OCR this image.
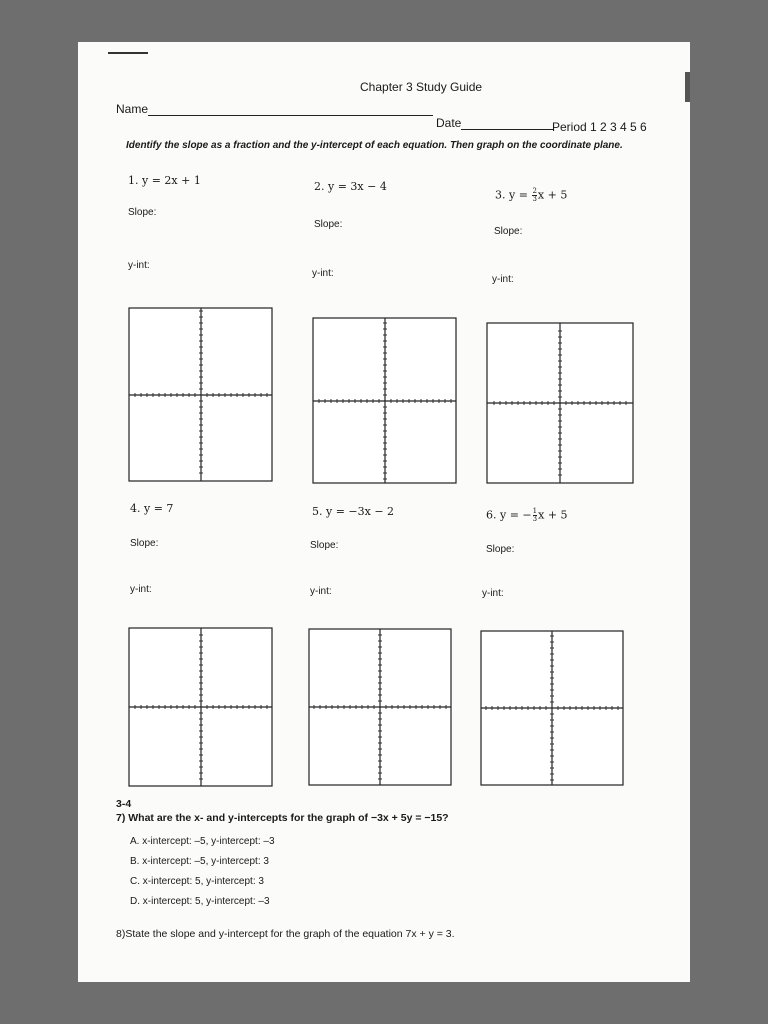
Chapter 3 Study Guide
Name
Date	Period 1 2 3 4 5 6
Identify the slope as a fraction and the y-intercept of each equation. Then graph on the coordinate plane.
1. y = 2x + 1
Slope:
y-int:
2. y = 3x − 4
Slope:
y-int:
3. $y = \frac{2}{3}$ x + 5
Slope:
y-int:
4. y = 7
Slope:
y-int:
5. y = −3x − 2
Slope:
y-int:
6. y = − $\frac{1}{3}$ x + 5
Slope:
y-int:
3-4
7) What are the x- and y-intercepts for the graph of −3x + 5y = −15?
A. x-intercept: –5, y-intercept: –3
B. x-intercept: –5, y-intercept: 3
C. x-intercept: 5, y-intercept: 3
D. x-intercept: 5, y-intercept: –3
8)State the slope and y-intercept for the graph of the equation 7x + y = 3.
